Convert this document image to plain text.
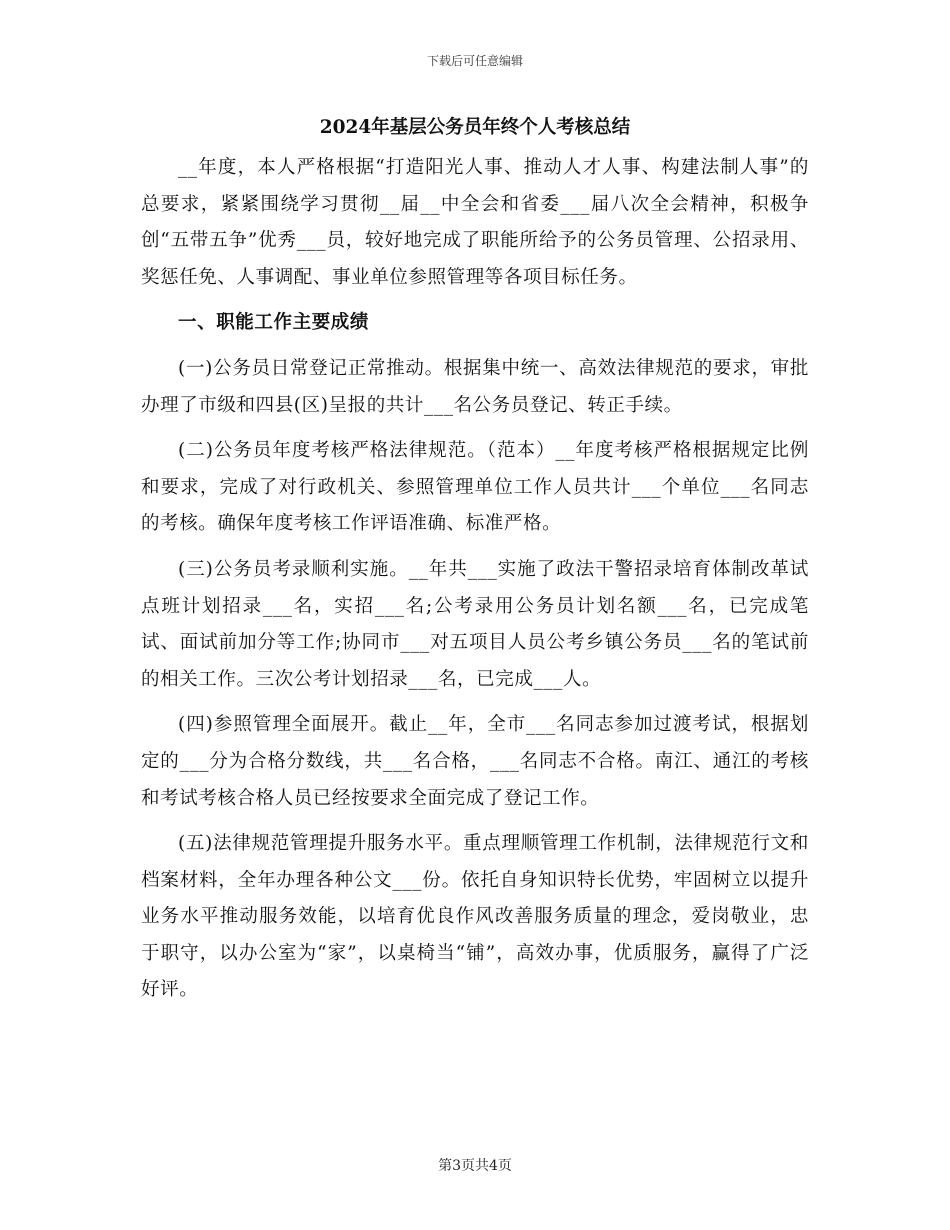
下载后可任意编辑
2024年基层公务员年终个人考核总结

__年度，本人严格根据“打造阳光人事、推动人才人事、构建法制人事”的总要求，紧紧围绕学习贯彻__届__中全会和省委___届八次全会精神，积极争创“五带五争”优秀___员，较好地完成了职能所给予的公务员管理、公招录用、奖惩任免、人事调配、事业单位参照管理等各项目标任务。

一、职能工作主要成绩

(一)公务员日常登记正常推动。根据集中统一、高效法律规范的要求，审批办理了市级和四县(区)呈报的共计___名公务员登记、转正手续。

(二)公务员年度考核严格法律规范。（范本）__年度考核严格根据规定比例和要求，完成了对行政机关、参照管理单位工作人员共计___个单位___名同志的考核。确保年度考核工作评语准确、标准严格。

(三)公务员考录顺利实施。__年共___实施了政法干警招录培育体制改革试点班计划招录___名，实招___名;公考录用公务员计划名额___名，已完成笔试、面试前加分等工作;协同市___对五项目人员公考乡镇公务员___名的笔试前的相关工作。三次公考计划招录___名，已完成___人。

(四)参照管理全面展开。截止__年，全市___名同志参加过渡考试，根据划定的___分为合格分数线，共___名合格，___名同志不合格。南江、通江的考核和考试考核合格人员已经按要求全面完成了登记工作。

(五)法律规范管理提升服务水平。重点理顺管理工作机制，法律规范行文和档案材料，全年办理各种公文___份。依托自身知识特长优势，牢固树立以提升业务水平推动服务效能，以培育优良作风改善服务质量的理念，爱岗敬业，忠于职守，以办公室为“家”，以桌椅当“铺”，高效办事，优质服务，赢得了广泛好评。

第3页共4页
